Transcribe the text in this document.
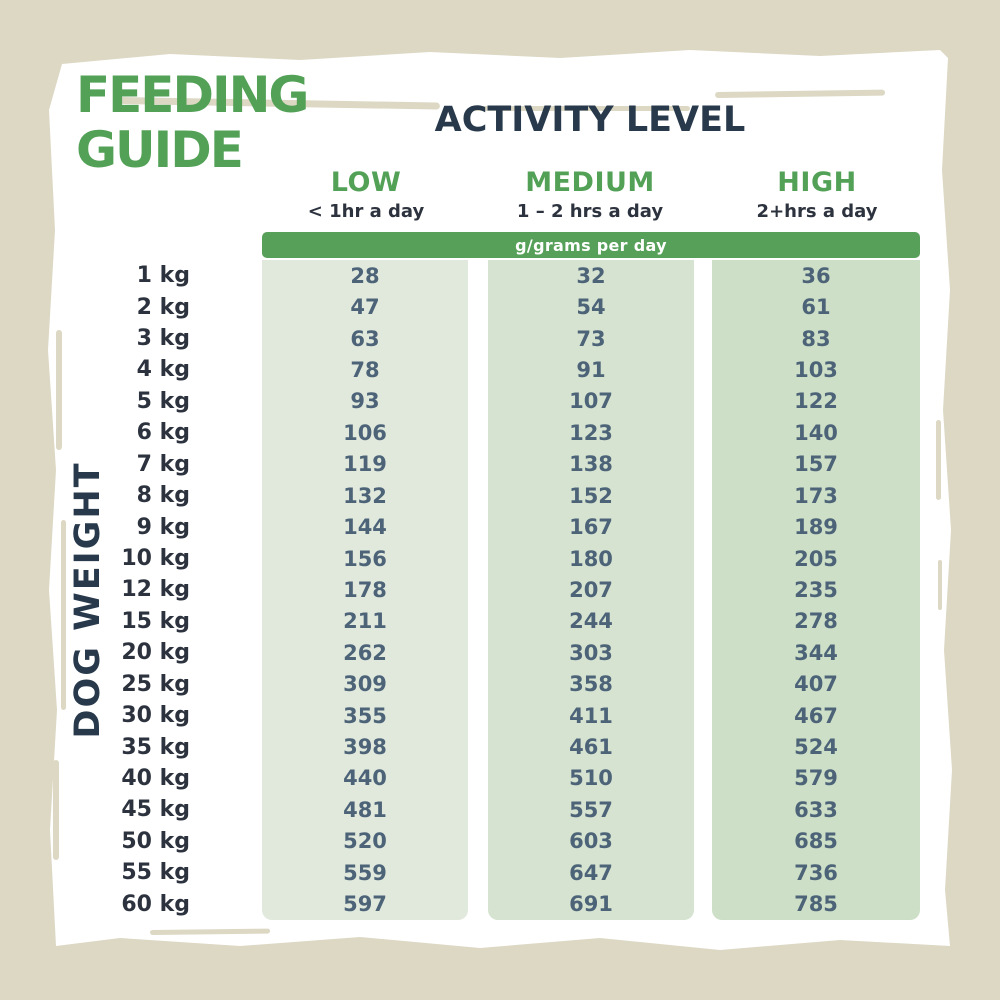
FEEDING
GUIDE
ACTIVITY LEVEL
LOW
< 1hr a day
MEDIUM
1 – 2 hrs a day
HIGH
2+hrs a day
g/grams per day
DOG WEIGHT
1 kg	28	32	36
2 kg	47	54	61
3 kg	63	73	83
4 kg	78	91	103
5 kg	93	107	122
6 kg	106	123	140
7 kg	119	138	157
8 kg	132	152	173
9 kg	144	167	189
10 kg	156	180	205
12 kg	178	207	235
15 kg	211	244	278
20 kg	262	303	344
25 kg	309	358	407
30 kg	355	411	467
35 kg	398	461	524
40 kg	440	510	579
45 kg	481	557	633
50 kg	520	603	685
55 kg	559	647	736
60 kg	597	691	785
